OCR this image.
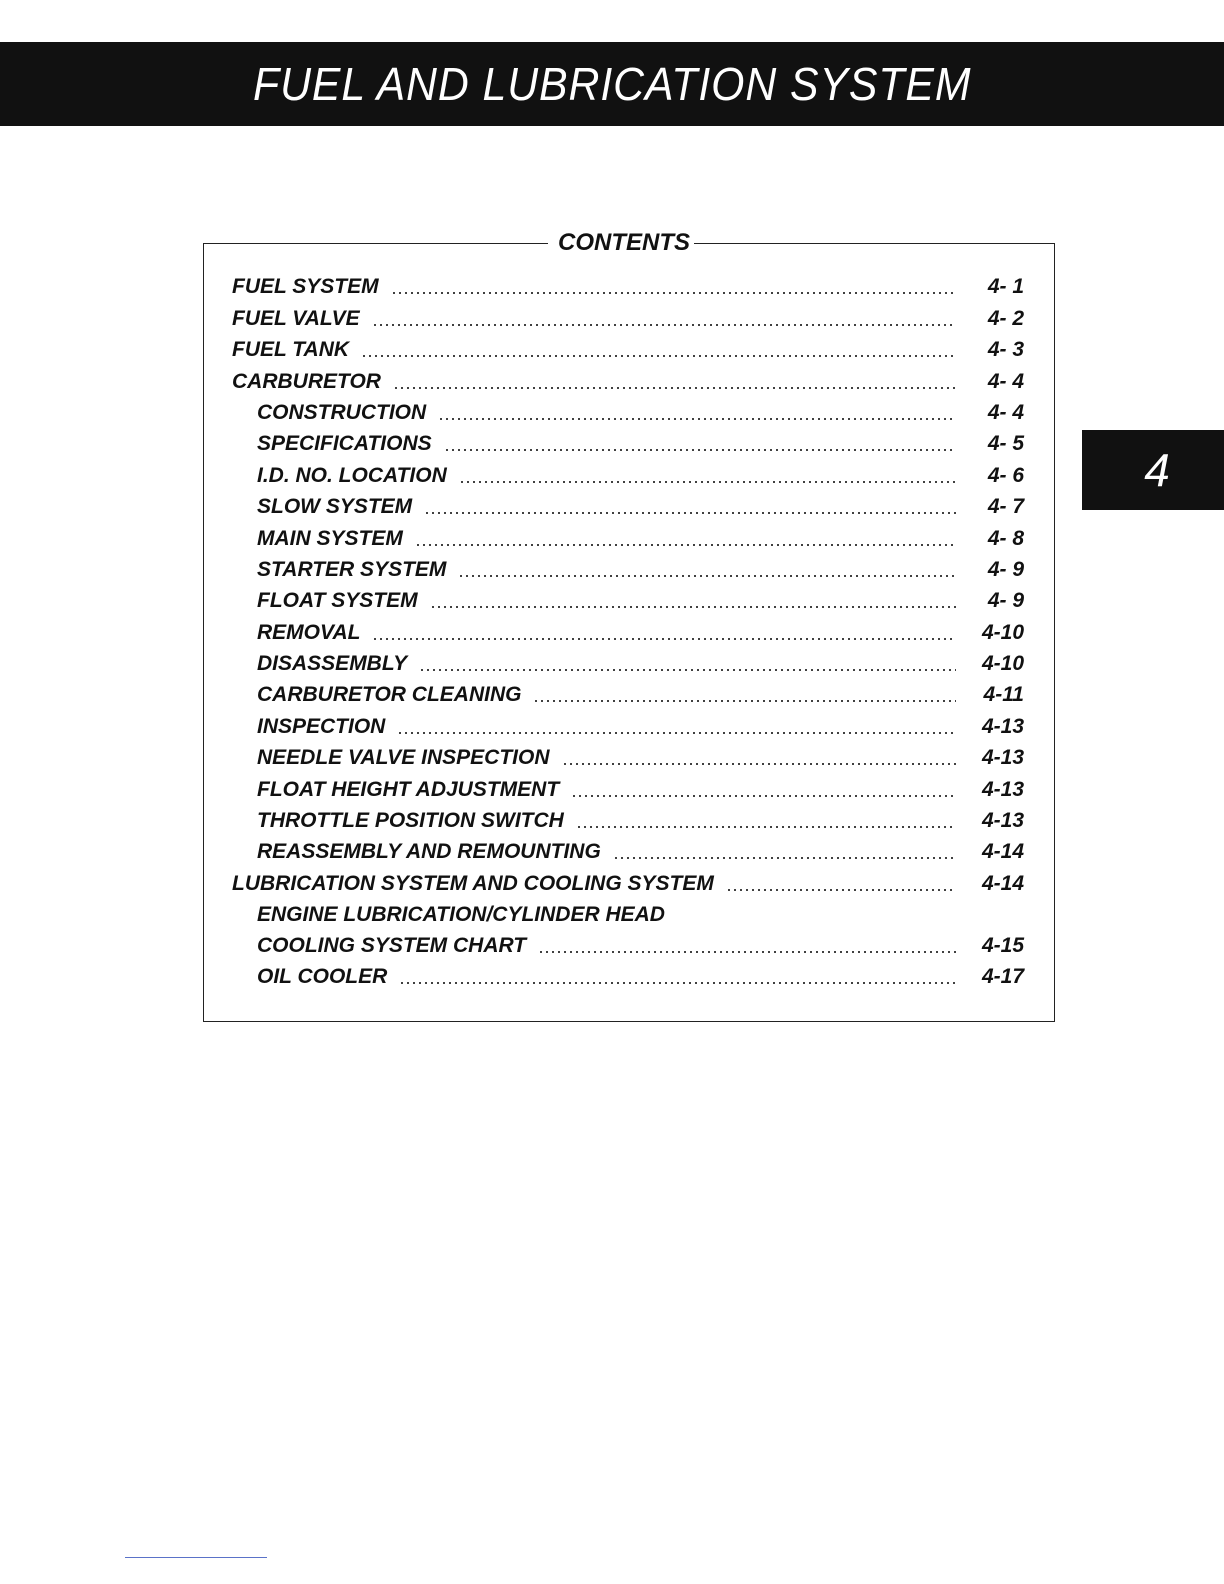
FUEL AND LUBRICATION SYSTEM
4
CONTENTS
FUEL SYSTEM	4- 1
FUEL VALVE	4- 2
FUEL TANK	4- 3
CARBURETOR	4- 4
CONSTRUCTION	4- 4
SPECIFICATIONS	4- 5
I.D. NO. LOCATION	4- 6
SLOW SYSTEM	4- 7
MAIN SYSTEM	4- 8
STARTER SYSTEM	4- 9
FLOAT SYSTEM	4- 9
REMOVAL	4-10
DISASSEMBLY	4-10
CARBURETOR CLEANING	4-11
INSPECTION	4-13
NEEDLE VALVE INSPECTION	4-13
FLOAT HEIGHT ADJUSTMENT	4-13
THROTTLE POSITION SWITCH	4-13
REASSEMBLY AND REMOUNTING	4-14
LUBRICATION SYSTEM AND COOLING SYSTEM	4-14
ENGINE LUBRICATION/CYLINDER HEAD
COOLING SYSTEM CHART	4-15
OIL COOLER	4-17
